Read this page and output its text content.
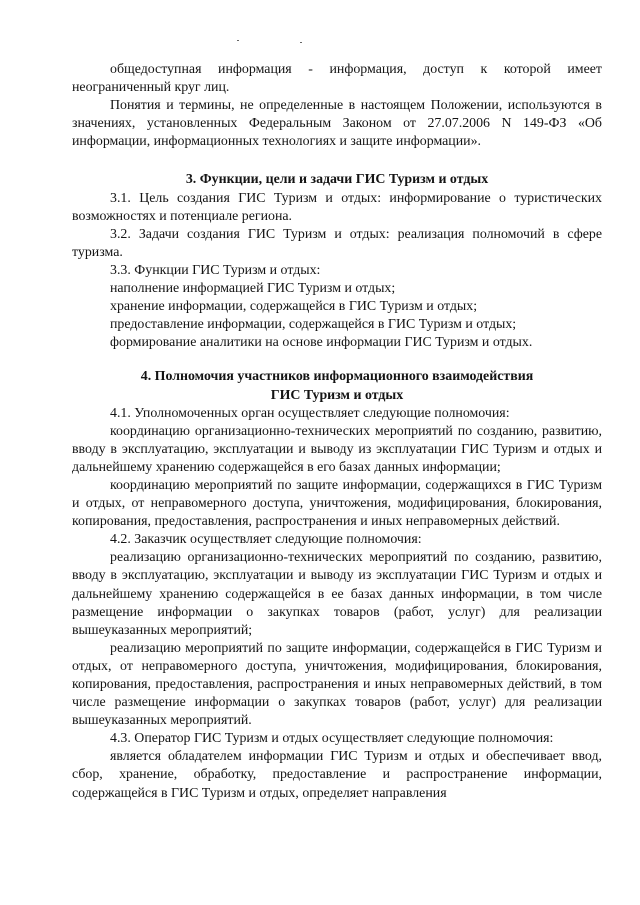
общедоступная информация - информация, доступ к которой имеет неограниченный круг лиц.

Понятия и термины, не определенные в настоящем Положении, используются в значениях, установленных Федеральным Законом от 27.07.2006 N 149-ФЗ «Об информации, информационных технологиях и защите информации».

3. Функции, цели и задачи ГИС Туризм и отдых

3.1. Цель создания ГИС Туризм и отдых: информирование о туристических возможностях и потенциале региона.

3.2. Задачи создания ГИС Туризм и отдых: реализация полномочий в сфере туризма.

3.3. Функции ГИС Туризм и отдых:

наполнение информацией ГИС Туризм и отдых;

хранение информации, содержащейся в ГИС Туризм и отдых;

предоставление информации, содержащейся в ГИС Туризм и отдых;

формирование аналитики на основе информации ГИС Туризм и отдых.

4. Полномочия участников информационного взаимодействия

ГИС Туризм и отдых

4.1. Уполномоченных орган осуществляет следующие полномочия:

координацию организационно-технических мероприятий по созданию, развитию, вводу в эксплуатацию, эксплуатации и выводу из эксплуатации ГИС Туризм и отдых и дальнейшему хранению содержащейся в его базах данных информации;

координацию мероприятий по защите информации, содержащихся в ГИС Туризм и отдых, от неправомерного доступа, уничтожения, модифицирования, блокирования, копирования, предоставления, распространения и иных неправомерных действий.

4.2. Заказчик осуществляет следующие полномочия:

реализацию организационно-технических мероприятий по созданию, развитию, вводу в эксплуатацию, эксплуатации и выводу из эксплуатации ГИС Туризм и отдых и дальнейшему хранению содержащейся в ее базах данных информации, в том числе размещение информации о закупках товаров (работ, услуг) для реализации вышеуказанных мероприятий;

реализацию мероприятий по защите информации, содержащейся в ГИС Туризм и отдых, от неправомерного доступа, уничтожения, модифицирования, блокирования, копирования, предоставления, распространения и иных неправомерных действий, в том числе размещение информации о закупках товаров (работ, услуг) для реализации вышеуказанных мероприятий.

4.3. Оператор ГИС Туризм и отдых осуществляет следующие полномочия:

является обладателем информации ГИС Туризм и отдых и обеспечивает ввод, сбор, хранение, обработку, предоставление и распространение информации, содержащейся в ГИС Туризм и отдых, определяет направления
